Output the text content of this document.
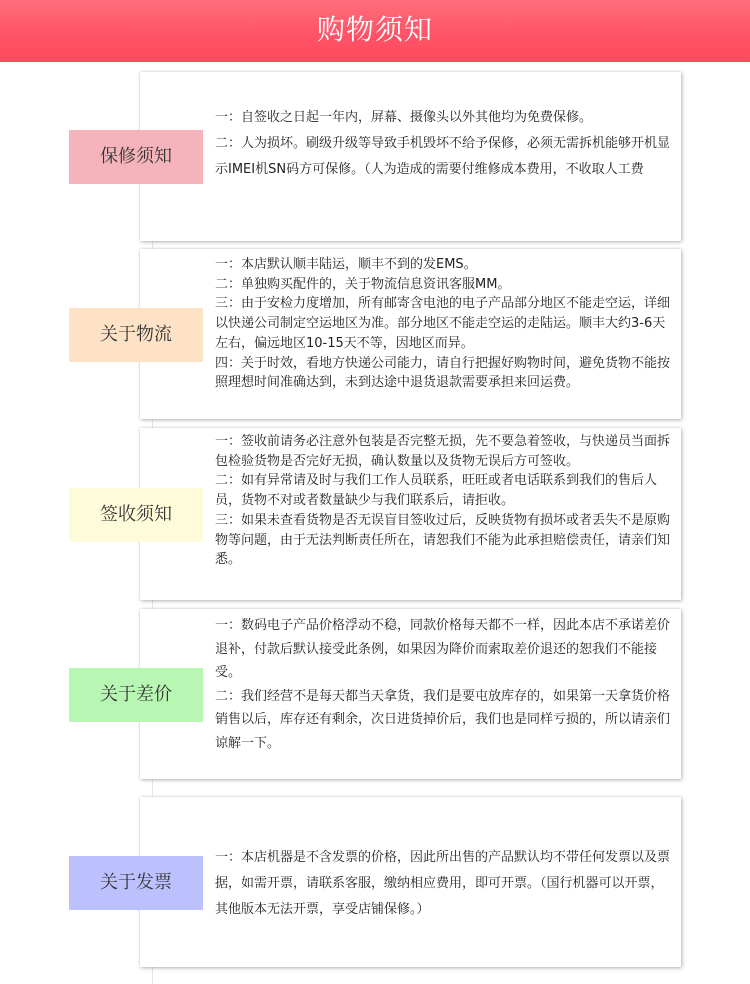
购物须知

一：自签收之日起一年内，屏幕、摄像头以外其他均为免费保修。

二：人为损坏。刷级升级等导致手机毁坏不给予保修，必须无需拆机能够开机显示IMEI机SN码方可保修。（人为造成的需要付维修成本费用，不收取人工费

保修须知

一：本店默认顺丰陆运，顺丰不到的发EMS。

二：单独购买配件的，关于物流信息资讯客服MM。

三：由于安检力度增加，所有邮寄含电池的电子产品部分地区不能走空运，详细以快递公司制定空运地区为准。部分地区不能走空运的走陆运。顺丰大约3-6天左右，偏远地区10-15天不等，因地区而异。

四：关于时效，看地方快递公司能力，请自行把握好购物时间，避免货物不能按照理想时间准确达到，未到达途中退货退款需要承担来回运费。

关于物流

一：签收前请务必注意外包装是否完整无损，先不要急着签收，与快递员当面拆包检验货物是否完好无损，确认数量以及货物无误后方可签收。

二：如有异常请及时与我们工作人员联系，旺旺或者电话联系到我们的售后人员，货物不对或者数量缺少与我们联系后，请拒收。

三：如果未查看货物是否无误盲目签收过后，反映货物有损坏或者丢失不是原购物等问题，由于无法判断责任所在，请恕我们不能为此承担赔偿责任，请亲们知悉。

签收须知

一：数码电子产品价格浮动不稳，同款价格每天都不一样，因此本店不承诺差价退补，付款后默认接受此条例，如果因为降价而索取差价退还的恕我们不能接受。

二：我们经营不是每天都当天拿货，我们是要屯放库存的，如果第一天拿货价格销售以后，库存还有剩余，次日进货掉价后，我们也是同样亏损的，所以请亲们谅解一下。

关于差价

一：本店机器是不含发票的价格，因此所出售的产品默认均不带任何发票以及票据，如需开票，请联系客服，缴纳相应费用，即可开票。（国行机器可以开票，其他版本无法开票，享受店铺保修。）

关于发票
